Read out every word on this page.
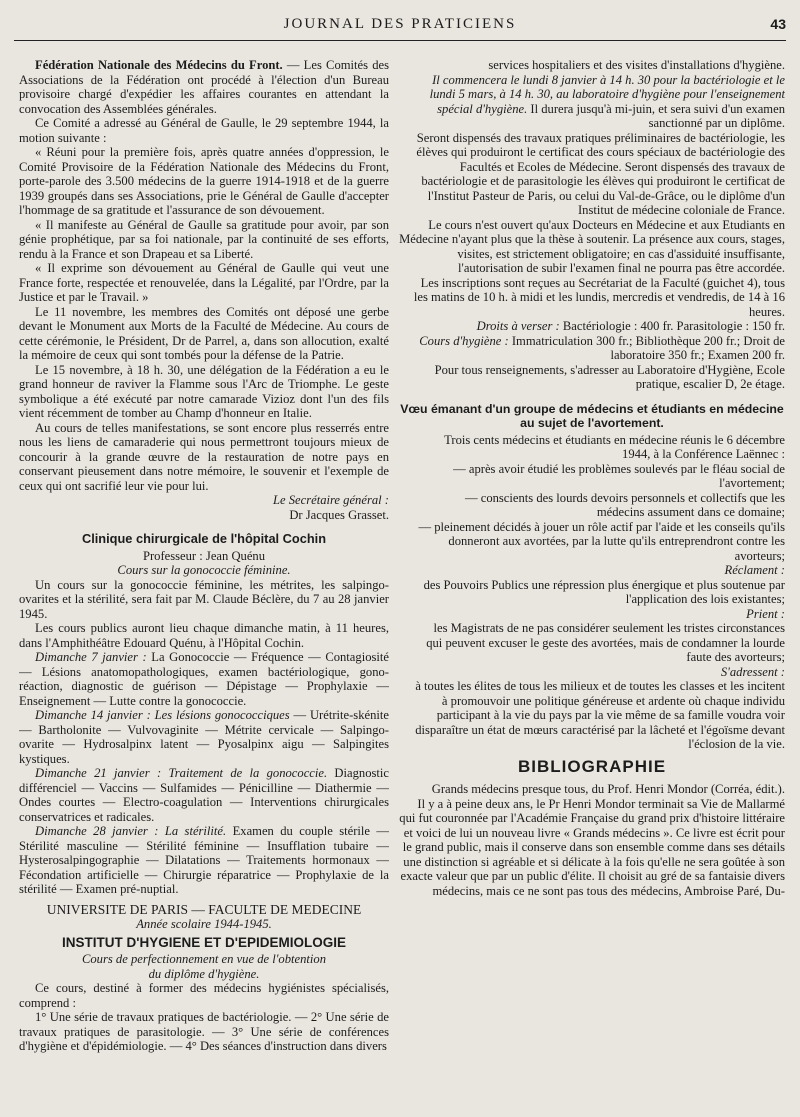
JOURNAL DES PRATICIENS	43

Fédération Nationale des Médecins du Front. — Les Comités des Associations de la Fédération ont procédé à l'élection d'un Bureau provisoire chargé d'expédier les affaires courantes en attendant la convocation des Assemblées générales.

Ce Comité a adressé au Général de Gaulle, le 29 septembre 1944, la motion suivante :

« Réuni pour la première fois, après quatre années d'oppression, le Comité Provisoire de la Fédération Nationale des Médecins du Front, porte-parole des 3.500 médecins de la guerre 1914-1918 et de la guerre 1939 groupés dans ses Associations, prie le Général de Gaulle d'accepter l'hommage de sa gratitude et l'assurance de son dévouement.

« Il manifeste au Général de Gaulle sa gratitude pour avoir, par son génie prophétique, par sa foi nationale, par la continuité de ses efforts, rendu à la France et son Drapeau et sa Liberté.

« Il exprime son dévouement au Général de Gaulle qui veut une France forte, respectée et renouvelée, dans la Légalité, par l'Ordre, par la Justice et par le Travail. »

Le 11 novembre, les membres des Comités ont déposé une gerbe devant le Monument aux Morts de la Faculté de Médecine. Au cours de cette cérémonie, le Président, Dr de Parrel, a, dans son allocution, exalté la mémoire de ceux qui sont tombés pour la défense de la Patrie.

Le 15 novembre, à 18 h. 30, une délégation de la Fédération a eu le grand honneur de raviver la Flamme sous l'Arc de Triomphe. Le geste symbolique a été exécuté par notre camarade Vizioz dont l'un des fils vient récemment de tomber au Champ d'honneur en Italie.

Au cours de telles manifestations, se sont encore plus resserrés entre nous les liens de camaraderie qui nous permettront toujours mieux de concourir à la grande œuvre de la restauration de notre pays en conservant pieusement dans notre mémoire, le souvenir et l'exemple de ceux qui ont sacrifié leur vie pour lui.

Le Secrétaire général :

Dr Jacques Grasset.

Clinique chirurgicale de l'hôpital Cochin

Professeur : Jean Quénu

Cours sur la gonococcie féminine.

Un cours sur la gonococcie féminine, les métrites, les salpingo-ovarites et la stérilité, sera fait par M. Claude Béclère, du 7 au 28 janvier 1945.

Les cours publics auront lieu chaque dimanche matin, à 11 heures, dans l'Amphithéâtre Edouard Quénu, à l'Hôpital Cochin.

Dimanche 7 janvier : La Gonococcie — Fréquence — Contagiosité — Lésions anatomopathologiques, examen bactériologique, gono-réaction, diagnostic de guérison — Dépistage — Prophylaxie — Enseignement — Lutte contre la gonococcie.

Dimanche 14 janvier : Les lésions gonococciques — Urétrite-skénite — Bartholonite — Vulvovaginite — Métrite cervicale — Salpingo-ovarite — Hydrosalpinx latent — Pyosalpinx aigu — Salpingites kystiques.

Dimanche 21 janvier : Traitement de la gonococcie. Diagnostic différenciel — Vaccins — Sulfamides — Pénicilline — Diathermie — Ondes courtes — Electro-coagulation — Interventions chirurgicales conservatrices et radicales.

Dimanche 28 janvier : La stérilité. Examen du couple stérile — Stérilité masculine — Stérilité féminine — Insufflation tubaire — Hysterosalpingographie — Dilatations — Traitements hormonaux — Fécondation artificielle — Chirurgie réparatrice — Prophylaxie de la stérilité — Examen pré-nuptial.

UNIVERSITE DE PARIS — FACULTE DE MEDECINE

Année scolaire 1944-1945.

INSTITUT D'HYGIENE ET D'EPIDEMIOLOGIE

Cours de perfectionnement en vue de l'obtention

du diplôme d'hygiène.

Ce cours, destiné à former des médecins hygiénistes spécialisés, comprend :

1° Une série de travaux pratiques de bactériologie. — 2° Une série de travaux pratiques de parasitologie. — 3° Une série de conférences d'hygiène et d'épidémiologie. — 4° Des séances d'instruction dans divers

services hospitaliers et des visites d'installations d'hygiène.

Il commencera le lundi 8 janvier à 14 h. 30 pour la bactériologie et le lundi 5 mars, à 14 h. 30, au laboratoire d'hygiène pour l'enseignement spécial d'hygiène. Il durera jusqu'à mi-juin, et sera suivi d'un examen sanctionné par un diplôme.

Seront dispensés des travaux pratiques préliminaires de bactériologie, les élèves qui produiront le certificat des cours spéciaux de bactériologie des Facultés et Ecoles de Médecine. Seront dispensés des travaux de bactériologie et de parasitologie les élèves qui produiront le certificat de l'Institut Pasteur de Paris, ou celui du Val-de-Grâce, ou le diplôme d'un Institut de médecine coloniale de France.

Le cours n'est ouvert qu'aux Docteurs en Médecine et aux Etudiants en Médecine n'ayant plus que la thèse à soutenir. La présence aux cours, stages, visites, est strictement obligatoire; en cas d'assiduité insuffisante, l'autorisation de subir l'examen final ne pourra pas être accordée.

Les inscriptions sont reçues au Secrétariat de la Faculté (guichet 4), tous les matins de 10 h. à midi et les lundis, mercredis et vendredis, de 14 à 16 heures.

Droits à verser : Bactériologie : 400 fr. Parasitologie : 150 fr.

Cours d'hygiène : Immatriculation 300 fr.; Bibliothèque 200 fr.; Droit de laboratoire 350 fr.; Examen 200 fr.

Pour tous renseignements, s'adresser au Laboratoire d'Hygiène, Ecole pratique, escalier D, 2e étage.

Vœu émanant d'un groupe de médecins et étudiants en médecine au sujet de l'avortement.

Trois cents médecins et étudiants en médecine réunis le 6 décembre 1944, à la Conférence Laënnec :

— après avoir étudié les problèmes soulevés par le fléau social de l'avortement;

— conscients des lourds devoirs personnels et collectifs que les médecins assument dans ce domaine;

— pleinement décidés à jouer un rôle actif par l'aide et les conseils qu'ils donneront aux avortées, par la lutte qu'ils entreprendront contre les avorteurs;

Réclament :

des Pouvoirs Publics une répression plus énergique et plus soutenue par l'application des lois existantes;

Prient :

les Magistrats de ne pas considérer seulement les tristes circonstances qui peuvent excuser le geste des avortées, mais de condamner la lourde faute des avorteurs;

S'adressent :

à toutes les élites de tous les milieux et de toutes les classes et les incitent à promouvoir une politique généreuse et ardente où chaque individu participant à la vie du pays par la vie même de sa famille voudra voir disparaître un état de mœurs caractérisé par la lâcheté et l'égoïsme devant l'éclosion de la vie.

BIBLIOGRAPHIE

Grands médecins presque tous, du Prof. Henri Mondor (Corréa, édit.).

Il y a à peine deux ans, le Pr Henri Mondor terminait sa Vie de Mallarmé qui fut couronnée par l'Académie Française du grand prix d'histoire littéraire et voici de lui un nouveau livre « Grands médecins ». Ce livre est écrit pour le grand public, mais il conserve dans son ensemble comme dans ses détails une distinction si agréable et si délicate à la fois qu'elle ne sera goûtée à son exacte valeur que par un public d'élite. Il choisit au gré de sa fantaisie divers médecins, mais ce ne sont pas tous des médecins, Ambroise Paré, Du-
